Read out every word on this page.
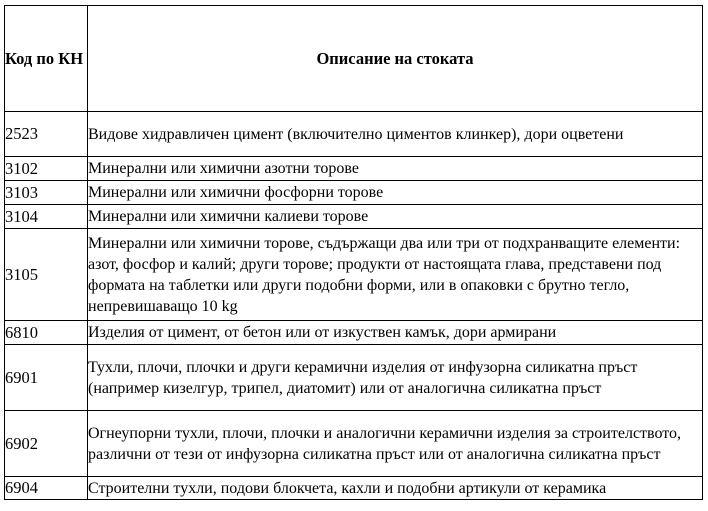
Код по КН	Описание на стоката
2523	Видове хидравличен цимент (включително циментов клинкер), дори оцветени
3102	Минерални или химични азотни торове
3103	Минерални или химични фосфорни торове
3104	Минерални или химични калиеви торове
3105	Минерални или химични торове, съдържащи два или три от подхранващите елементи: азот, фосфор и калий; други торове; продукти от настоящата глава, представени под формата на таблетки или други подобни форми, или в опаковки с брутно тегло, непревишаващо 10 kg
6810	Изделия от цимент, от бетон или от изкуствен камък, дори армирани
6901	Тухли, плочи, плочки и други керамични изделия от инфузорна силикатна пръст (например кизелгур, трипел, диатомит) или от аналогична силикатна пръст
6902	Огнеупорни тухли, плочи, плочки и аналогични керамични изделия за строителството, различни от тези от инфузорна силикатна пръст или от аналогична силикатна пръст
6904	Строителни тухли, подови блокчета, кахли и подобни артикули от керамика
